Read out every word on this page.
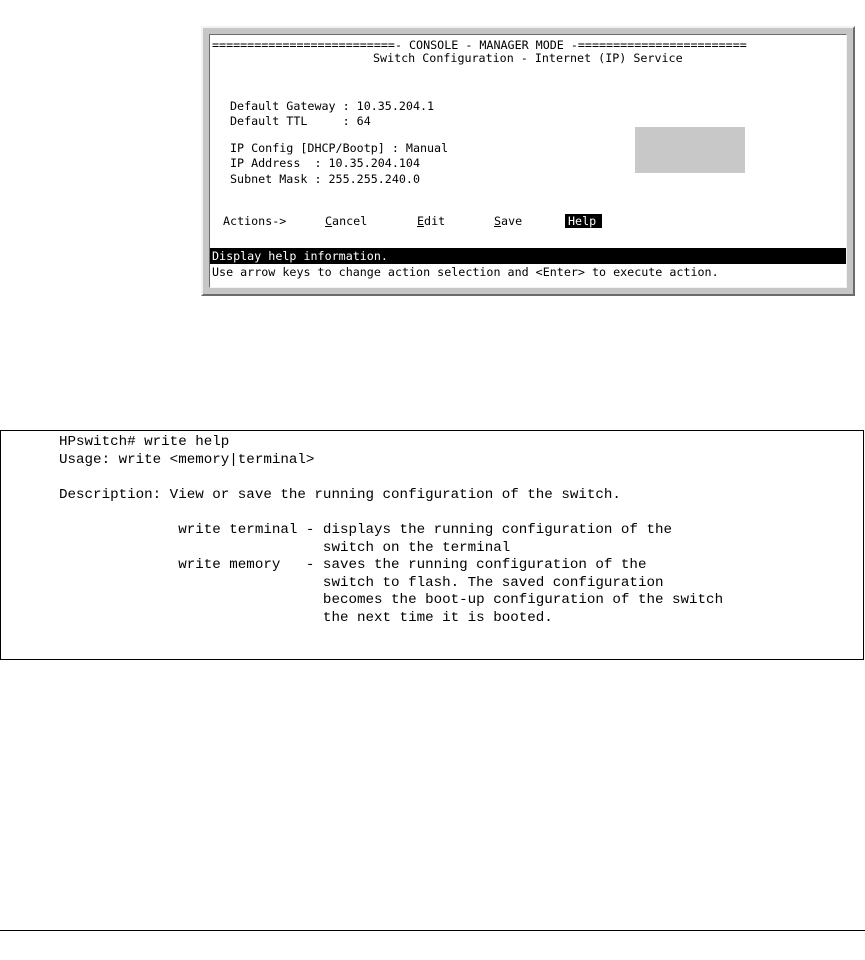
==========================- CONSOLE - MANAGER MODE -========================
Switch Configuration - Internet (IP) Service
Default Gateway : 10.35.204.1
Default TTL     : 64
IP Config [DHCP/Bootp] : Manual
IP Address  : 10.35.204.104
Subnet Mask : 255.255.240.0
Actions->	Cancel	Edit	Save	Help
Display help information.
Use arrow keys to change action selection and <Enter> to execute action.
HPswitch# write help
Usage: write <memory|terminal>
Description: View or save the running configuration of the switch.
write terminal - displays the running configuration of the
switch on the terminal
write memory   - saves the running configuration of the
switch to flash. The saved configuration
becomes the boot-up configuration of the switch
the next time it is booted.
